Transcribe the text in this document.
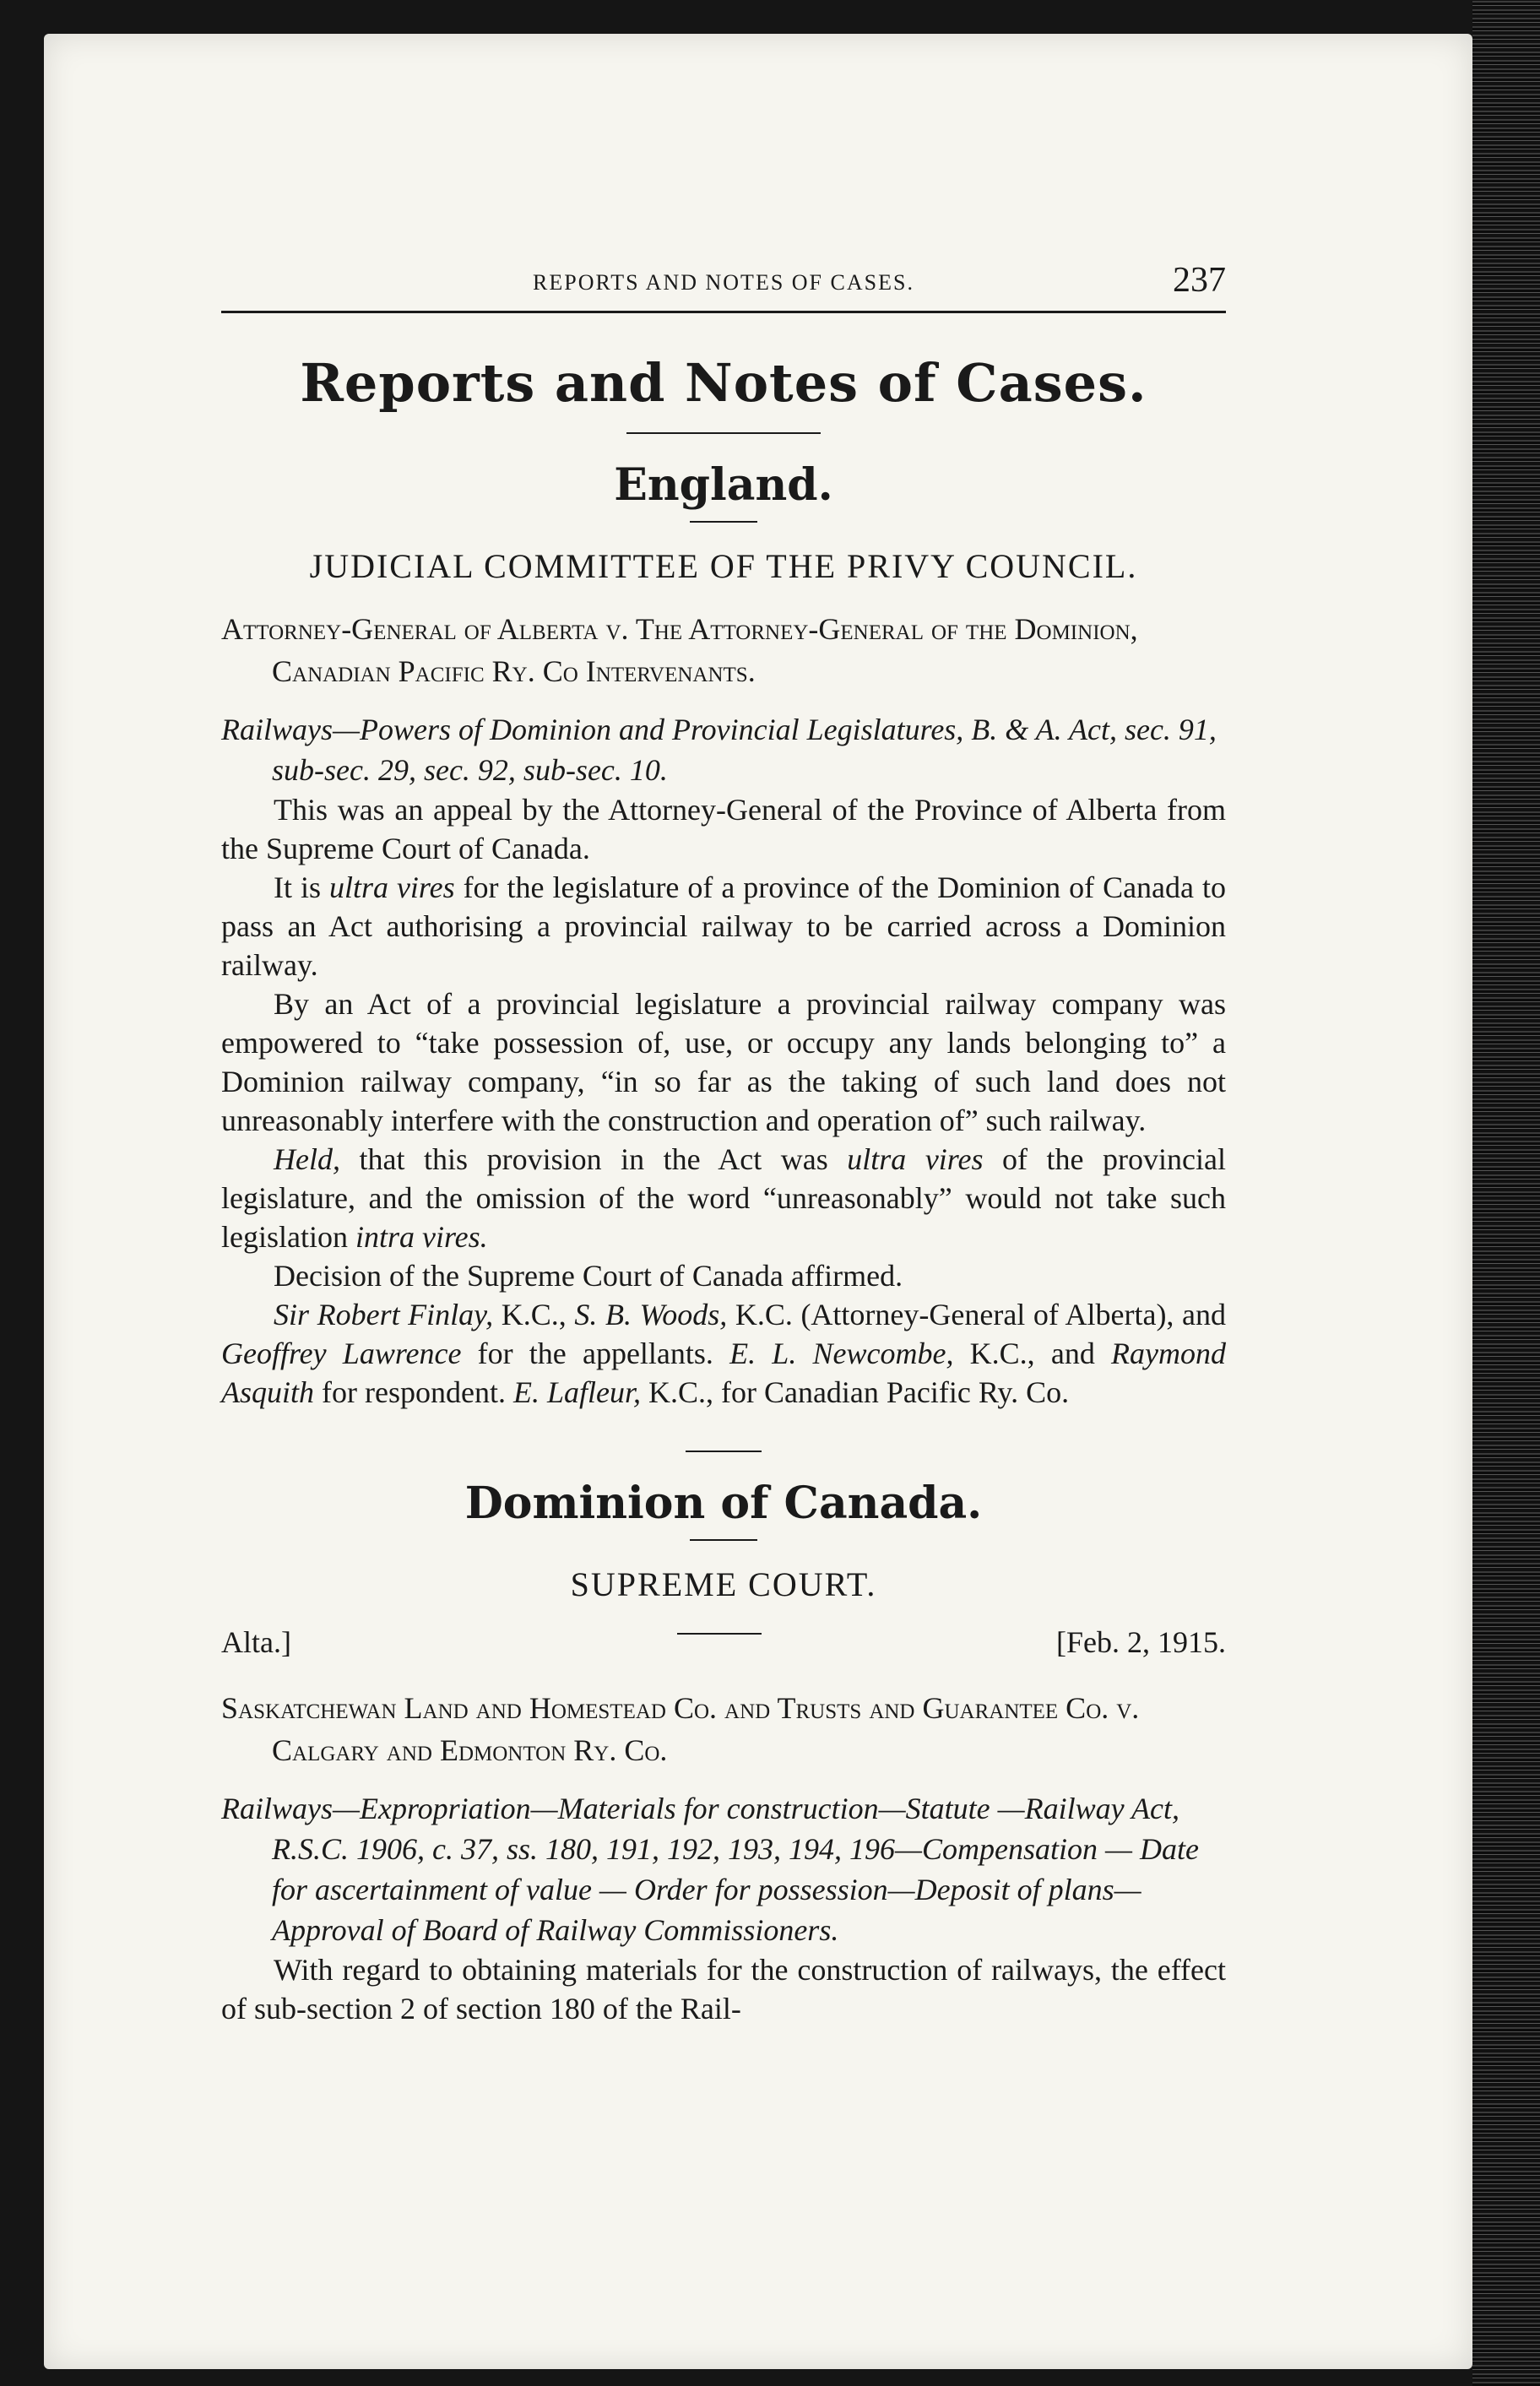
REPORTS AND NOTES OF CASES.	237
Reports and Notes of Cases.
England.
JUDICIAL COMMITTEE OF THE PRIVY COUNCIL.
Attorney-General of Alberta v. The Attorney-General of the Dominion, Canadian Pacific Ry. Co Intervenants.
Railways—Powers of Dominion and Provincial Legislatures, B. & A. Act, sec. 91, sub-sec. 29, sec. 92, sub-sec. 10.

This was an appeal by the Attorney-General of the Province of Alberta from the Supreme Court of Canada.

It is ultra vires for the legislature of a province of the Dominion of Canada to pass an Act authorising a provincial railway to be carried across a Dominion railway.

By an Act of a provincial legislature a provincial railway company was empowered to “take possession of, use, or occupy any lands belonging to” a Dominion railway company, “in so far as the taking of such land does not unreasonably interfere with the construction and operation of” such railway.

Held, that this provision in the Act was ultra vires of the provincial legislature, and the omission of the word “unreasonably” would not take such legislation intra vires.

Decision of the Supreme Court of Canada affirmed.

Sir Robert Finlay, K.C., S. B. Woods, K.C. (Attorney-General of Alberta), and Geoffrey Lawrence for the appellants. E. L. Newcombe, K.C., and Raymond Asquith for respondent. E. Lafleur, K.C., for Canadian Pacific Ry. Co.

Dominion of Canada.
SUPREME COURT.
Alta.]	[Feb. 2, 1915.
Saskatchewan Land and Homestead Co. and Trusts and Guarantee Co. v. Calgary and Edmonton Ry. Co.
Railways—Expropriation—Materials for construction—Statute —Railway Act, R.S.C. 1906, c. 37, ss. 180, 191, 192, 193, 194, 196—Compensation — Date for ascertainment of value — Order for possession—Deposit of plans—Approval of Board of Railway Commissioners.

With regard to obtaining materials for the construction of railways, the effect of sub-section 2 of section 180 of the Rail-
